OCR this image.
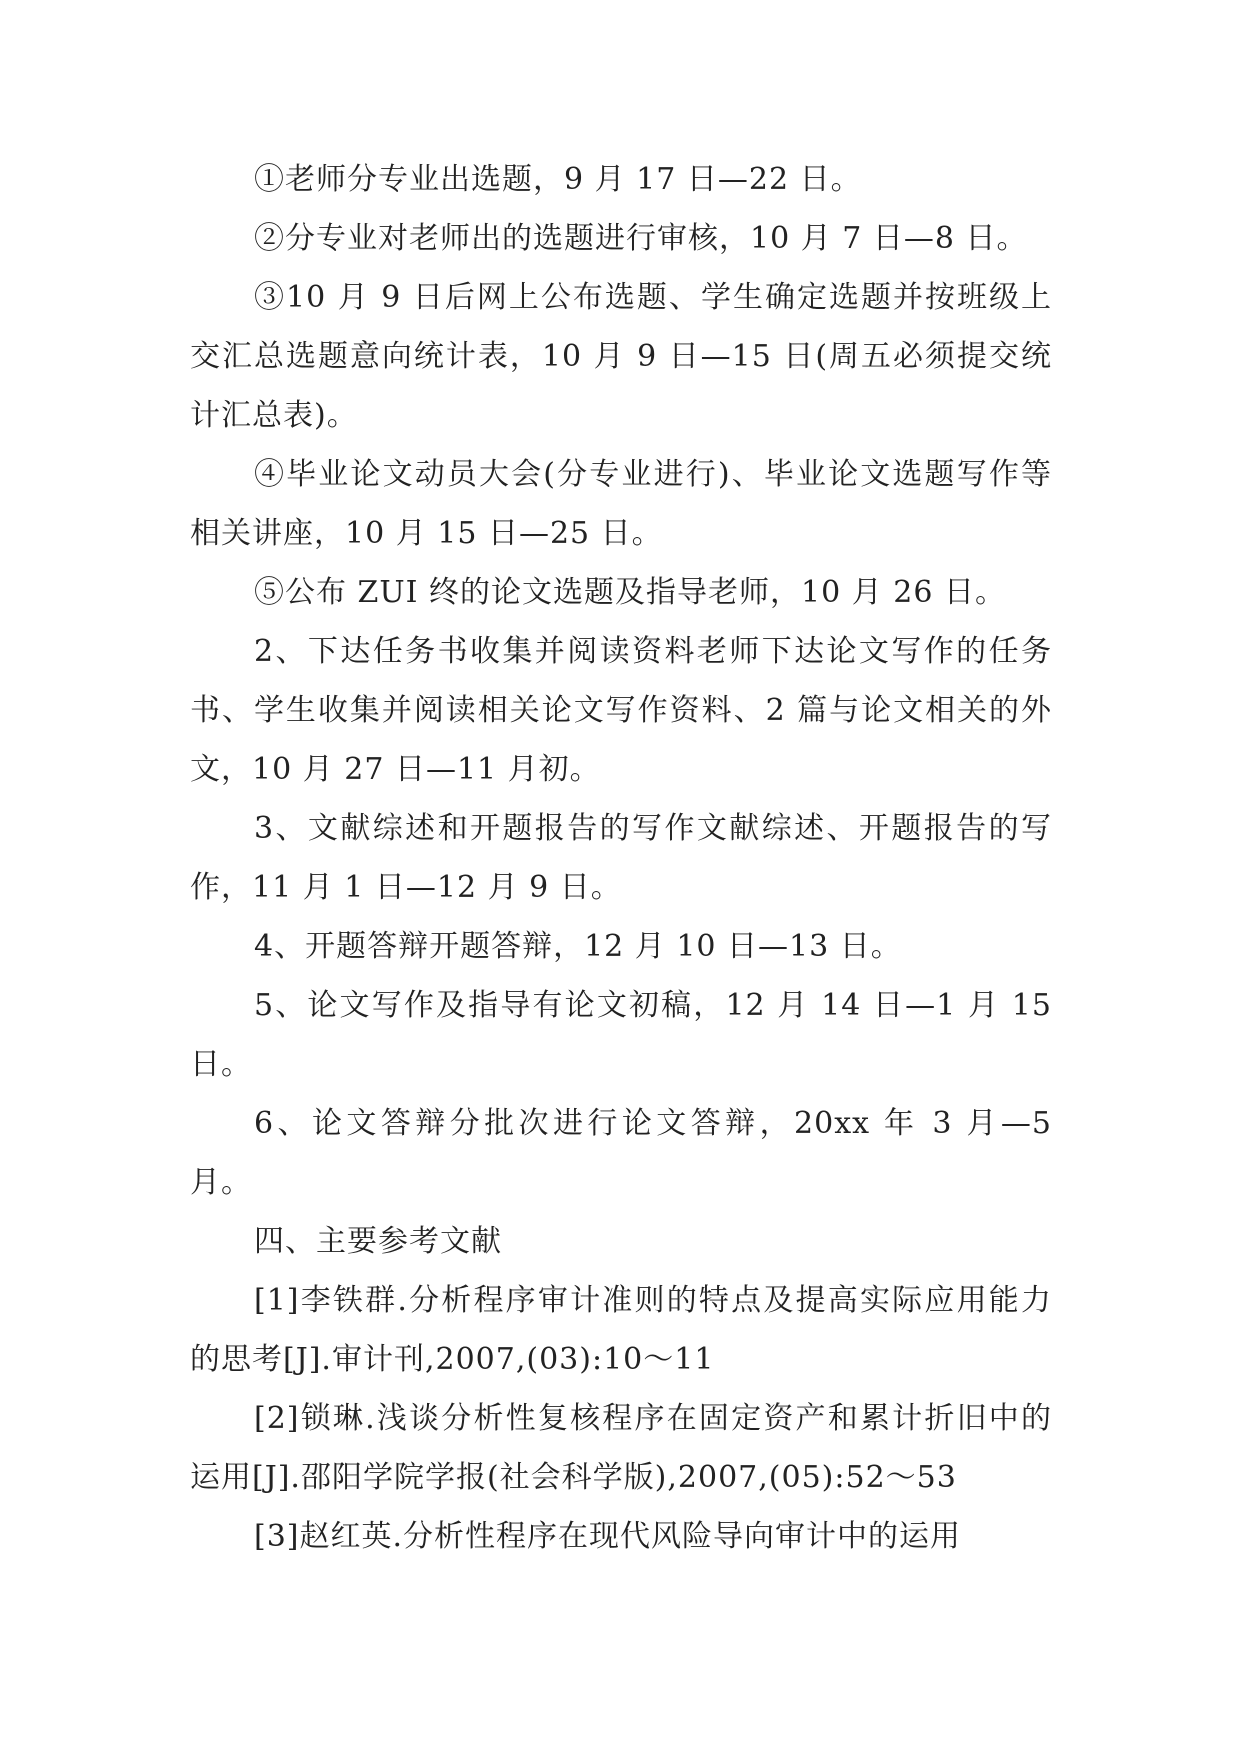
①老师分专业出选题，9 月 17 日—22 日。

②分专业对老师出的选题进行审核，10 月 7 日—8 日。

③10 月 9 日后网上公布选题、学生确定选题并按班级上交汇总选题意向统计表，10 月 9 日—15 日(周五必须提交统计汇总表)。

④毕业论文动员大会(分专业进行)、毕业论文选题写作等相关讲座，10 月 15 日—25 日。

⑤公布 ZUI 终的论文选题及指导老师，10 月 26 日。

2、下达任务书收集并阅读资料老师下达论文写作的任务书、学生收集并阅读相关论文写作资料、2 篇与论文相关的外文，10 月 27 日—11 月初。

3、文献综述和开题报告的写作文献综述、开题报告的写作，11 月 1 日—12 月 9 日。

4、开题答辩开题答辩，12 月 10 日—13 日。

5、论文写作及指导有论文初稿，12 月 14 日—1 月 15 日。

6、论文答辩分批次进行论文答辩，20xx 年 3 月—5 月。

四、主要参考文献

[1]李铁群.分析程序审计准则的特点及提高实际应用能力的思考[J].审计刊,2007,(03):10～11

[2]锁琳.浅谈分析性复核程序在固定资产和累计折旧中的运用[J].邵阳学院学报(社会科学版),2007,(05):52～53

[3]赵红英.分析性程序在现代风险导向审计中的运用
